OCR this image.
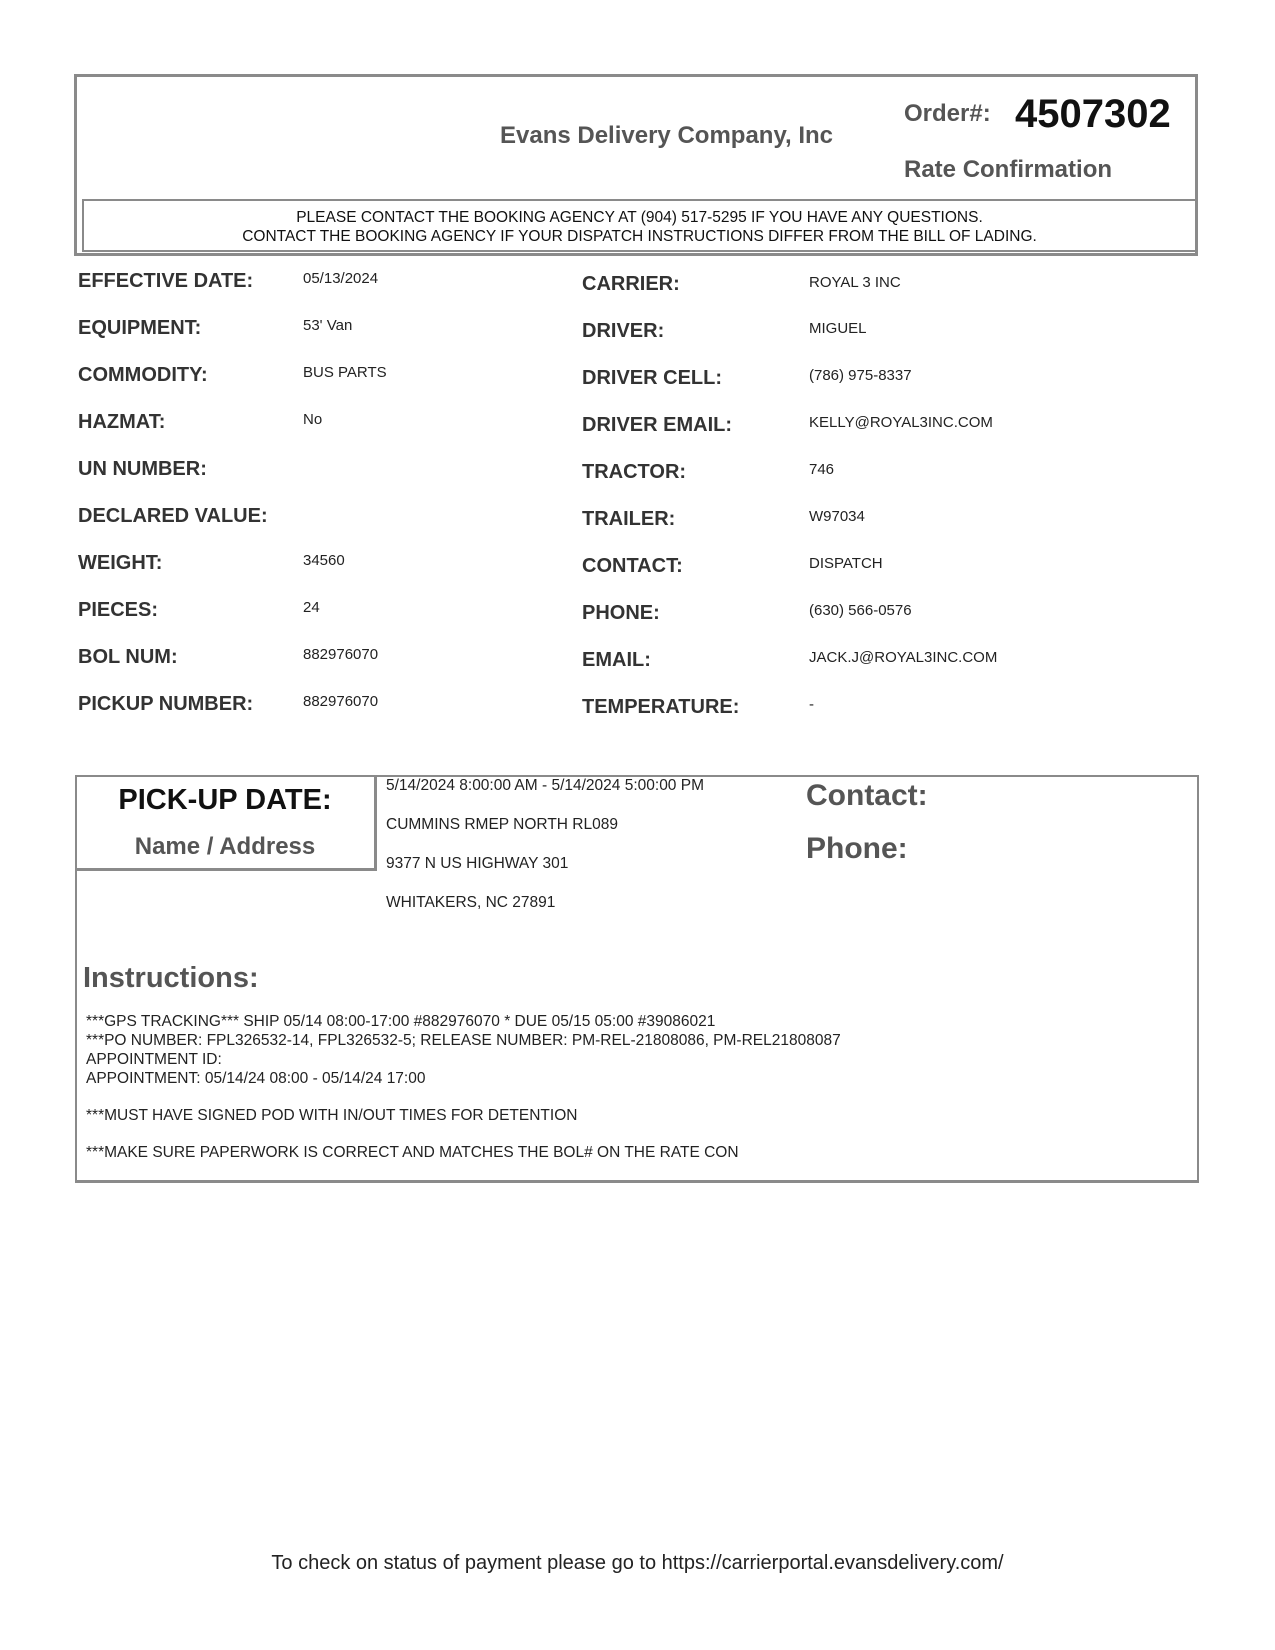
Evans Delivery Company, Inc
Order#: 4507302
Rate Confirmation
PLEASE CONTACT THE BOOKING AGENCY AT (904) 517-5295 IF YOU HAVE ANY QUESTIONS.
CONTACT THE BOOKING AGENCY IF YOUR DISPATCH INSTRUCTIONS DIFFER FROM THE BILL OF LADING.
EFFECTIVE DATE:	05/13/2024
EQUIPMENT:	53' Van
COMMODITY:	BUS PARTS
HAZMAT:	No
UN NUMBER:
DECLARED VALUE:
WEIGHT:	34560
PIECES:	24
BOL NUM:	882976070
PICKUP NUMBER:	882976070
CARRIER:	ROYAL 3 INC
DRIVER:	MIGUEL
DRIVER CELL:	(786) 975-8337
DRIVER EMAIL:	KELLY@ROYAL3INC.COM
TRACTOR:	746
TRAILER:	W97034
CONTACT:	DISPATCH
PHONE:	(630) 566-0576
EMAIL:	JACK.J@ROYAL3INC.COM
TEMPERATURE:	-
PICK-UP DATE:
Name / Address
5/14/2024 8:00:00 AM - 5/14/2024 5:00:00 PM
CUMMINS RMEP NORTH RL089
9377 N US HIGHWAY 301
WHITAKERS, NC 27891
Contact:
Phone:
Instructions:
***GPS TRACKING*** SHIP 05/14 08:00-17:00 #882976070 * DUE 05/15 05:00 #39086021
***PO NUMBER: FPL326532-14, FPL326532-5; RELEASE NUMBER: PM-REL-21808086, PM-REL21808087
APPOINTMENT ID:
APPOINTMENT: 05/14/24 08:00 - 05/14/24 17:00
***MUST HAVE SIGNED POD WITH IN/OUT TIMES FOR DETENTION
***MAKE SURE PAPERWORK IS CORRECT AND MATCHES THE BOL# ON THE RATE CON
To check on status of payment please go to https://carrierportal.evansdelivery.com/
